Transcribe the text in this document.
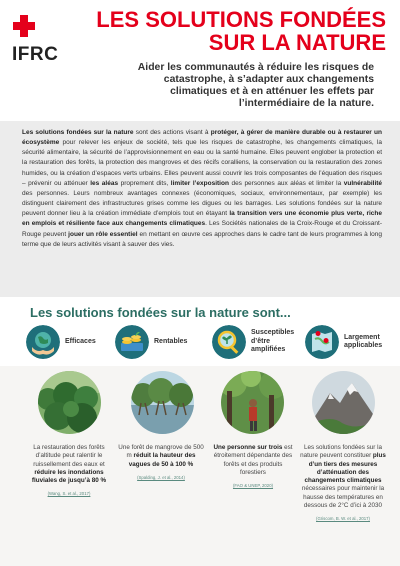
IFRC
LES SOLUTIONS FONDÉES
SUR LA NATURE
Aider les communautés à réduire les risques de catastrophe, à s’adapter aux changements climatiques et à en atténuer les effets par l’intermédiaire de la nature.

Les solutions fondées sur la nature sont des actions visant à protéger, à gérer de manière durable ou à restaurer un écosystème pour relever les enjeux de société, tels que les risques de catastrophe, les changements climatiques, la sécurité alimentaire, la sécurité de l’approvisionnement en eau ou la santé humaine. Elles peuvent englober la protection et la restauration des forêts, la protection des mangroves et des récifs coralliens, la conservation ou la restauration des zones humides, ou la création d’espaces verts urbains. Elles peuvent aussi couvrir les trois composantes de l’équation des risques – prévenir ou atténuer les aléas proprement dits, limiter l’exposition des personnes aux aléas et limiter la vulnérabilité des personnes. Leurs nombreux avantages connexes (économiques, sociaux, environnementaux, par exemple) les distinguent clairement des infrastructures grises comme les digues ou les barrages. Les solutions fondées sur la nature peuvent donner lieu à la création immédiate d’emplois tout en étayant la transition vers une économie plus verte, riche en emplois et résiliente face aux changements climatiques. Les Sociétés nationales de la Croix-Rouge et du Croissant-Rouge peuvent jouer un rôle essentiel en mettant en œuvre ces approches dans le cadre tant de leurs programmes à long terme que de leurs activités visant à sauver des vies.

Les solutions fondées sur la nature sont...
Efficaces	Rentables
Susceptibles d’être amplifiées
Largement applicables
La restauration des forêts d’altitude peut ralentir le ruissellement des eaux et réduire les inondations fluviales de jusqu’à 80 %
(Wang, S. et al., 2017)
Une forêt de mangrove de 500 m réduit la hauteur des vagues de 50 à 100 %
(Spalding, J. et al., 2014)
Une personne sur trois est étroitement dépendante des forêts et des produits forestiers
(FAO & UNEP, 2020)
Les solutions fondées sur la nature peuvent constituer plus d’un tiers des mesures d’atténuation des changements climatiques nécessaires pour maintenir la hausse des températures en dessous de 2°C d’ici à 2030
(Griscom, B. W. et al., 2017)
